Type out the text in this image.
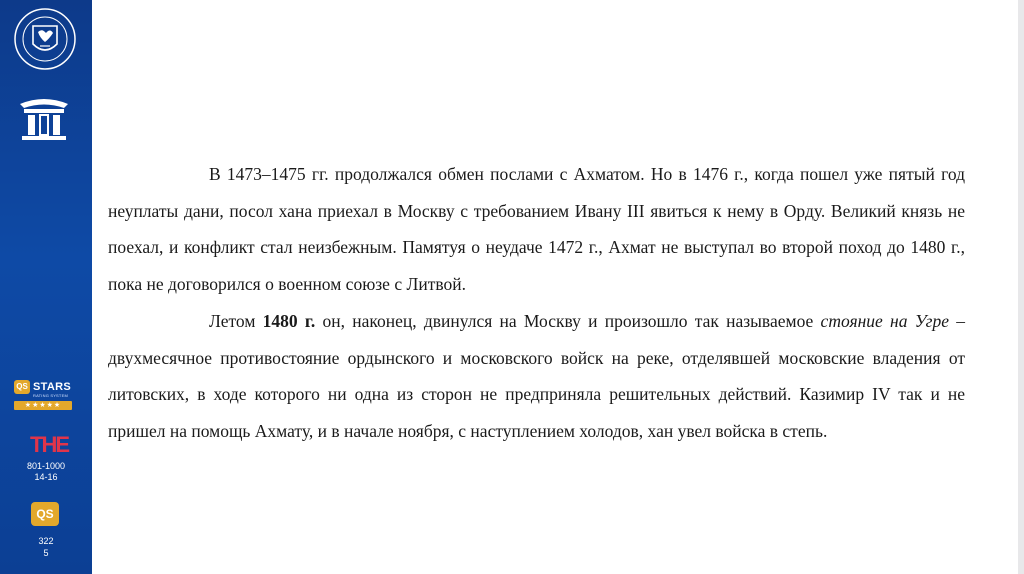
QS STARS
RATING SYSTEM
★★★★★
THE
801-1000
14-16
QS
322
5

В 1473–1475 гг. продолжался обмен послами с Ахматом. Но в 1476 г., когда пошел уже пятый год неуплаты дани, посол хана приехал в Москву с требованием Ивану III явиться к нему в Орду. Великий князь не поехал, и конфликт стал неизбежным. Памятуя о неудаче 1472 г., Ахмат не выступал во второй поход до 1480 г., пока не договорился о военном союзе с Литвой.

Летом 1480 г. он, наконец, двинулся на Москву и произошло так называемое стояние на Угре – двухмесячное противостояние ордынского и московского войск на реке, отделявшей московские владения от литовских, в ходе которого ни одна из сторон не предприняла решительных действий. Казимир IV так и не пришел на помощь Ахмату, и в начале ноября, с наступлением холодов, хан увел войска в степь.
